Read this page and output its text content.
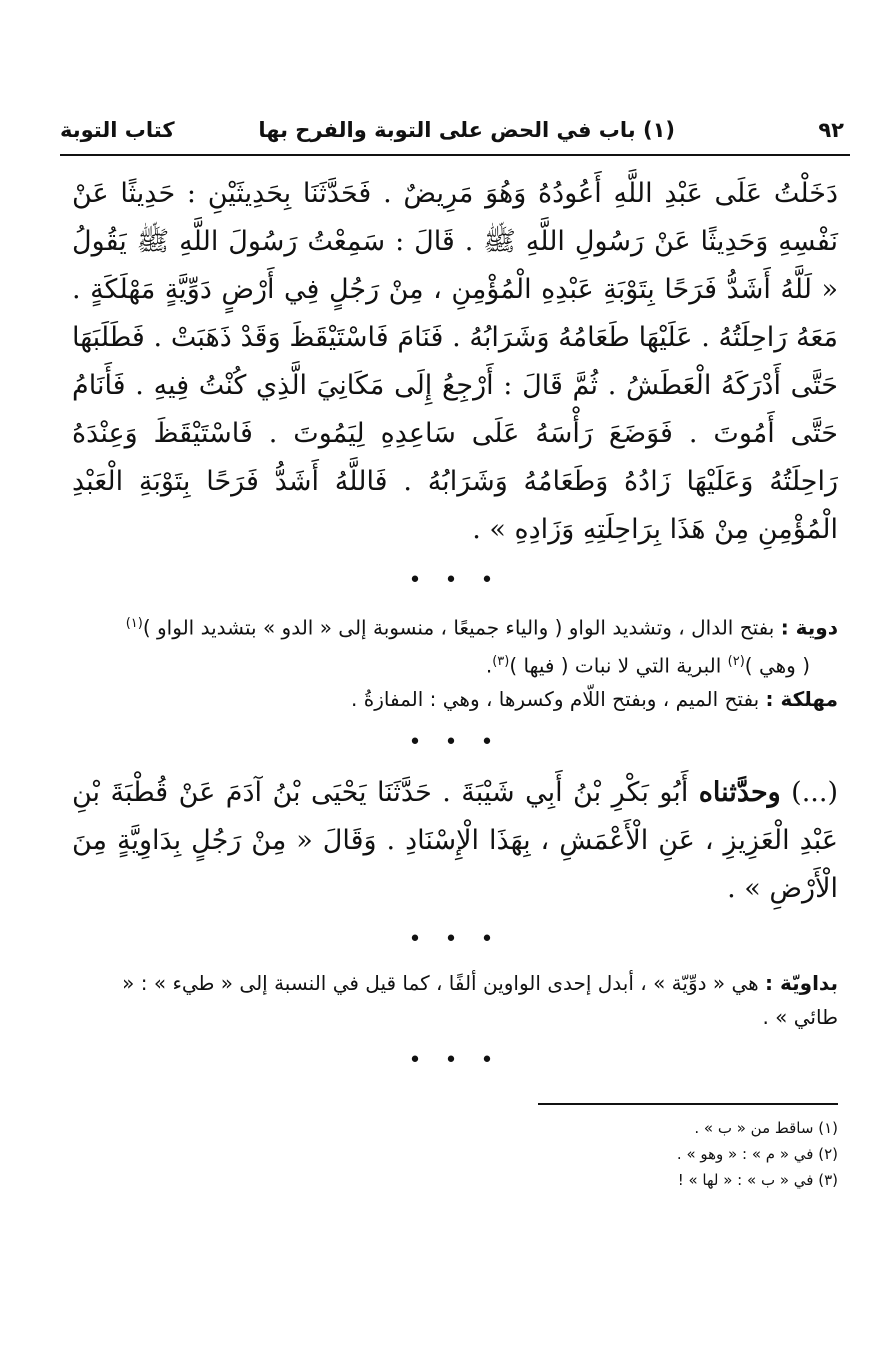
٩٢
(١) باب في الحض على التوبة والفرح بها
كتاب التوبة
دَخَلْتُ عَلَى عَبْدِ اللَّهِ أَعُودُهُ وَهُوَ مَرِيضٌ . فَحَدَّثَنَا بِحَدِيثَيْنِ : حَدِيثًا عَنْ نَفْسِهِ وَحَدِيثًا عَنْ رَسُولِ اللَّهِ ﷺ . قَالَ : سَمِعْتُ رَسُولَ اللَّهِ ﷺ يَقُولُ « لَلَّهُ أَشَدُّ فَرَحًا بِتَوْبَةِ عَبْدِهِ الْمُؤْمِنِ ، مِنْ رَجُلٍ فِي أَرْضٍ دَوِّيَّةٍ مَهْلَكَةٍ . مَعَهُ رَاحِلَتُهُ . عَلَيْهَا طَعَامُهُ وَشَرَابُهُ . فَنَامَ فَاسْتَيْقَظَ وَقَدْ ذَهَبَتْ . فَطَلَبَهَا حَتَّى أَدْرَكَهُ الْعَطَشُ . ثُمَّ قَالَ : أَرْجِعُ إِلَى مَكَانِيَ الَّذِي كُنْتُ فِيهِ . فَأَنَامُ حَتَّى أَمُوتَ . فَوَضَعَ رَأْسَهُ عَلَى سَاعِدِهِ لِيَمُوتَ . فَاسْتَيْقَظَ وَعِنْدَهُ رَاحِلَتُهُ وَعَلَيْهَا زَادُهُ وَطَعَامُهُ وَشَرَابُهُ . فَاللَّهُ أَشَدُّ فَرَحًا بِتَوْبَةِ الْعَبْدِ الْمُؤْمِنِ مِنْ هَذَا بِرَاحِلَتِهِ وَزَادِهِ » .
• • •

دوية : بفتح الدال ، وتشديد الواو ( والياء جميعًا ، منسوبة إلى « الدو » بتشديد الواو )$^{(١)}$

( وهي )$^{(٢)}$ البرية التي لا نبات ( فيها )$^{(٣)}$.

مهلكة : بفتح الميم ، وبفتح اللّام وكسرها ، وهي : المفازةُ .

• • •
(...) وحدَّثناه أَبُو بَكْرِ بْنُ أَبِي شَيْبَةَ . حَدَّثَنَا يَحْيَى بْنُ آدَمَ عَنْ قُطْبَةَ بْنِ عَبْدِ الْعَزِيزِ ، عَنِ الْأَعْمَشِ ، بِهَذَا الْإِسْنَادِ . وَقَالَ « مِنْ رَجُلٍ بِدَاوِيَّةٍ مِنَ الْأَرْضِ » .
• • •

بداويّة : هي « دوِّيّة » ، أبدل إحدى الواوين ألفًا ، كما قيل في النسبة إلى « طيء » : « طائي » .

• • •

(١) ساقط من « ب » .

(٢) في « م » : « وهو » .

(٣) في « ب » : « لها » !
